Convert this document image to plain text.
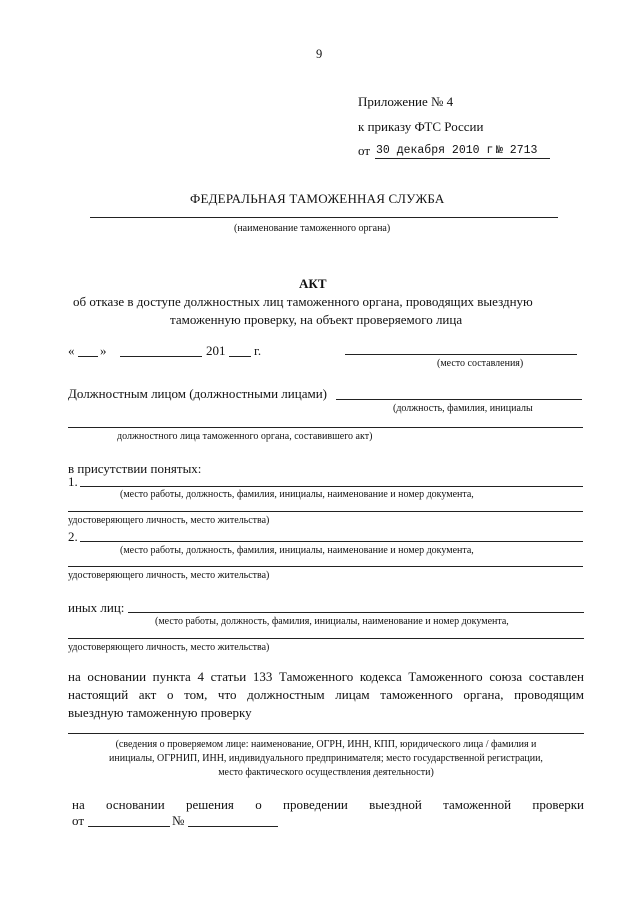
9
Приложение № 4
к приказу ФТС России
от 30 декабря 2010 г.
№ 2713
ФЕДЕРАЛЬНАЯ ТАМОЖЕННАЯ СЛУЖБА
(наименование таможенного органа)
АКТ
об отказе в доступе должностных лиц таможенного органа, проводящих выездную
таможенную проверку, на объект проверяемого лица
« »	201 г.
(место составления)
Должностным лицом (должностными лицами)
(должность, фамилия, инициалы
должностного лица таможенного органа, составившего акт)
в присутствии понятых:
1.
(место работы, должность, фамилия, инициалы, наименование и номер документа,
удостоверяющего личность, место жительства)
2.
(место работы, должность, фамилия, инициалы, наименование и номер документа,
удостоверяющего личность, место жительства)
иных лиц:
(место работы, должность, фамилия, инициалы, наименование и номер документа,
удостоверяющего личность, место жительства)
на основании пункта 4 статьи 133 Таможенного кодекса Таможенного союза составлен
настоящий акт о том, что должностным лицам таможенного органа, проводящим
выездную таможенную проверку
(сведения о проверяемом лице: наименование, ОГРН, ИНН, КПП, юридического лица / фамилия и
инициалы, ОГРНИП, ИНН, индивидуального предпринимателя; место государственной регистрации,
место фактического осуществления деятельности)
на основании решения о проведении выездной таможенной проверки
от	№
